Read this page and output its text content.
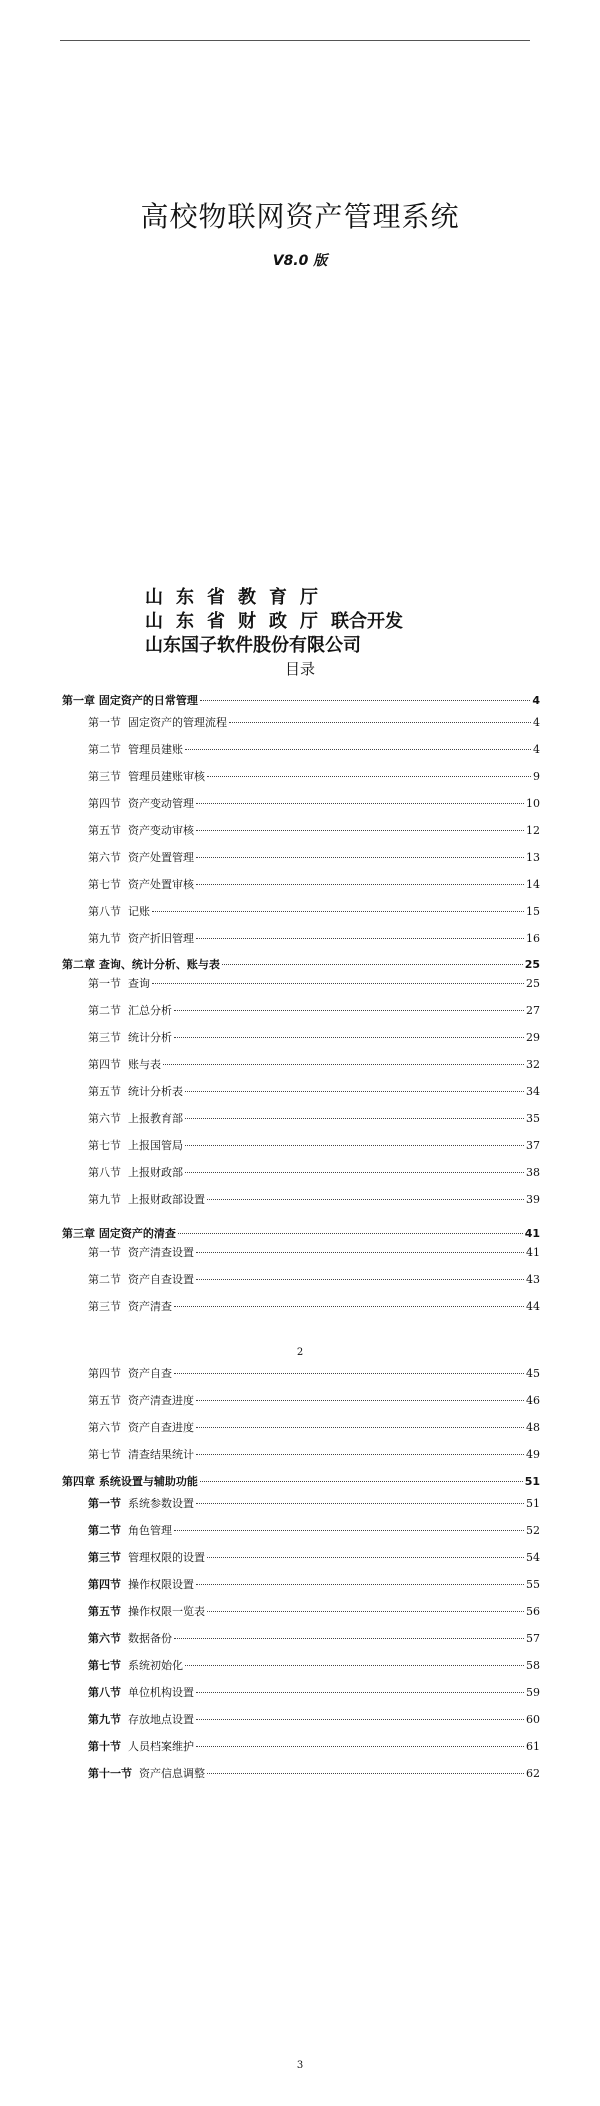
高校物联网资产管理系统
V8.0 版
山东省教育厅
山东省财政厅联合开发
山东国子软件股份有限公司
目录
第一章 固定资产的日常管理	4
第一节 固定资产的管理流程	4
第二节 管理员建账	4
第三节 管理员建账审核	9
第四节 资产变动管理	10
第五节 资产变动审核	12
第六节 资产处置管理	13
第七节 资产处置审核	14
第八节 记账	15
第九节 资产折旧管理	16
第二章 查询、统计分析、账与表	25
第一节 查询	25
第二节 汇总分析	27
第三节 统计分析	29
第四节 账与表	32
第五节 统计分析表	34
第六节 上报教育部	35
第七节 上报国管局	37
第八节 上报财政部	38
第九节 上报财政部设置	39
第三章 固定资产的清查	41
第一节 资产清查设置	41
第二节 资产自查设置	43
第三节 资产清查	44
第四节 资产自查	45
第五节 资产清查进度	46
第六节 资产自查进度	48
第七节 清查结果统计	49
第四章 系统设置与辅助功能	51
第一节 系统参数设置	51
第二节 角色管理	52
第三节 管理权限的设置	54
第四节 操作权限设置	55
第五节 操作权限一览表	56
第六节 数据备份	57
第七节 系统初始化	58
第八节 单位机构设置	59
第九节 存放地点设置	60
第十节 人员档案维护	61
第十一节 资产信息调整	62
2
3
